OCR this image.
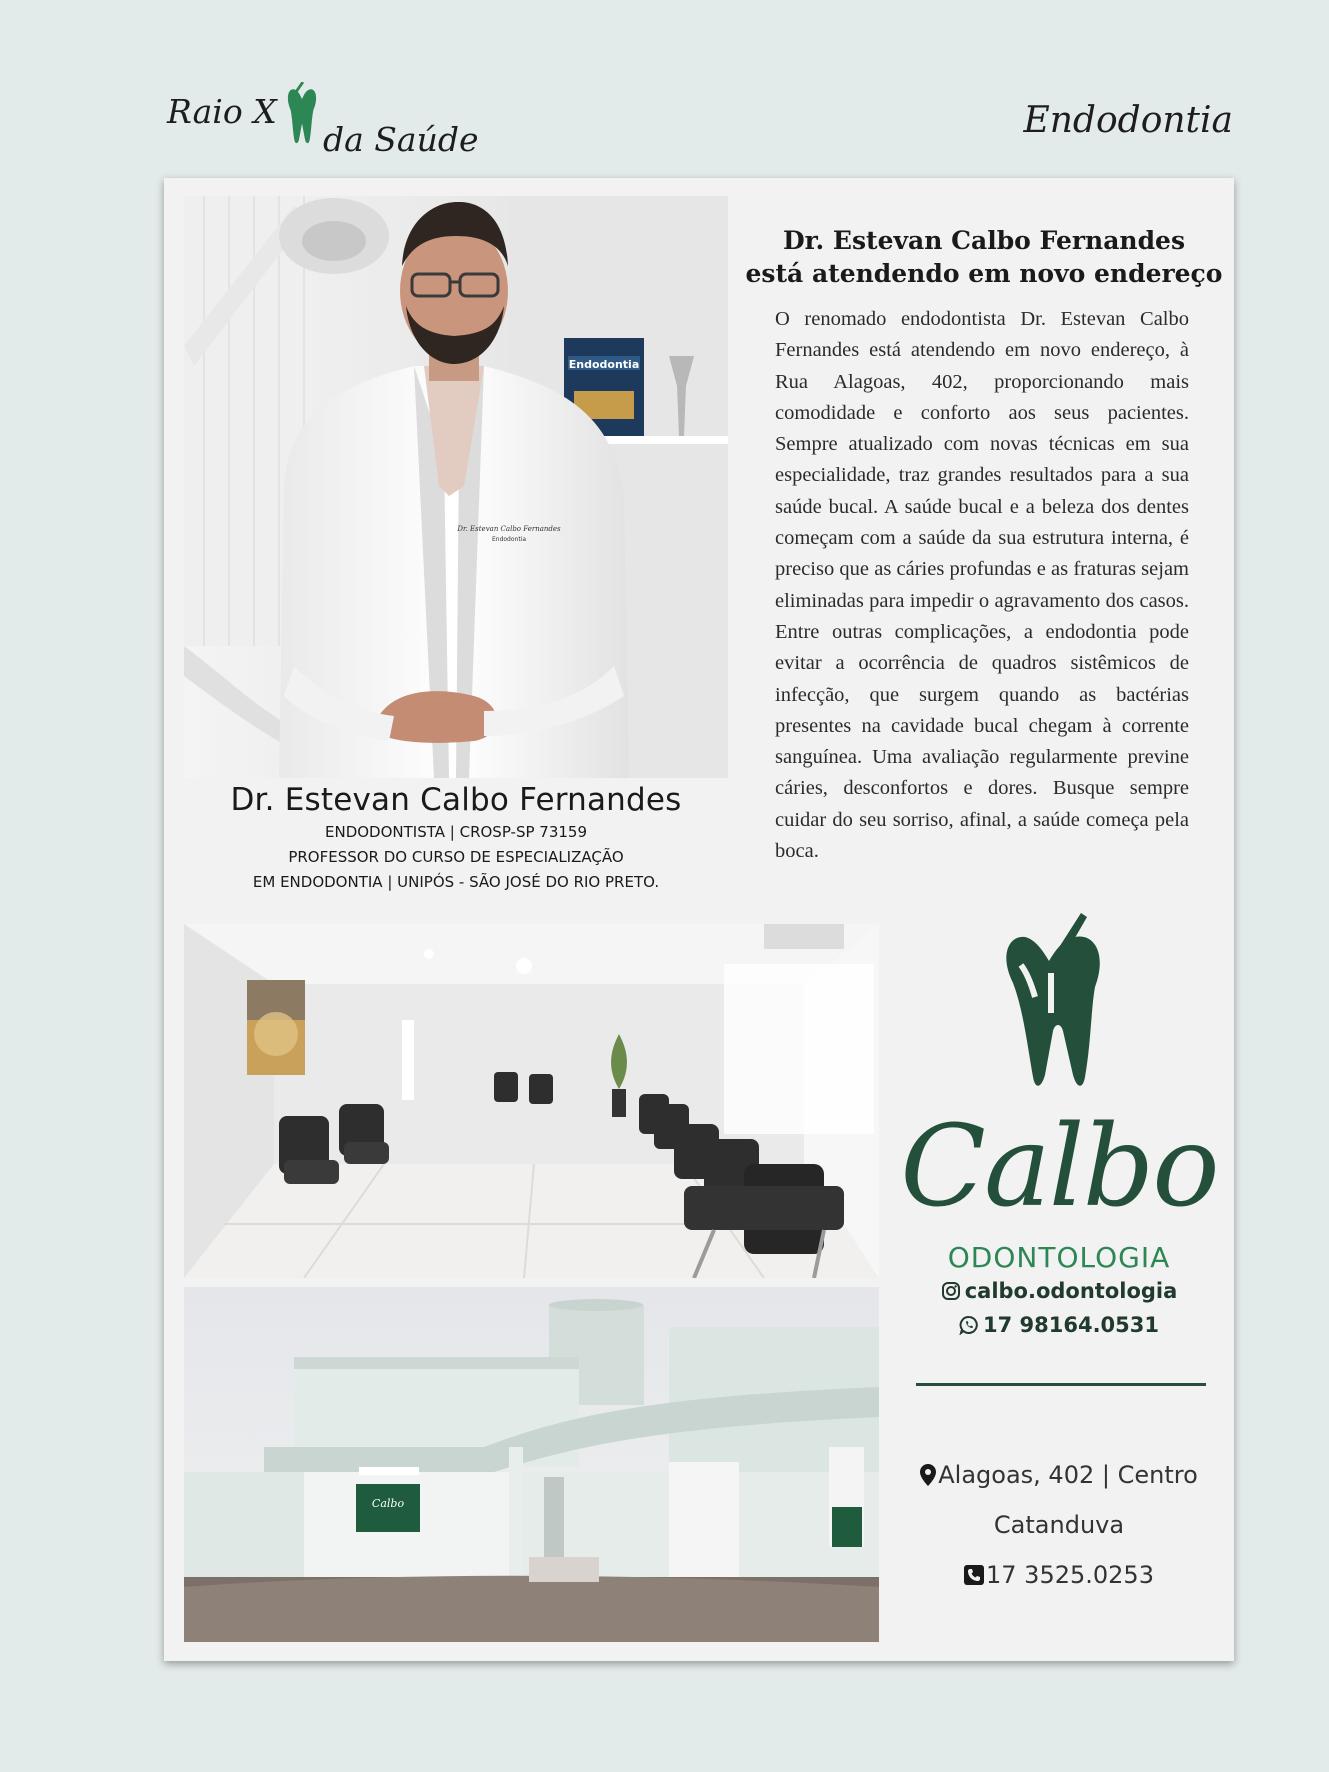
Raio X
da Saúde	Endodontia
Endodontia
Dr. Estevan Calbo Fernandes
Endodontia
Dr. Estevan Calbo Fernandes
ENDODONTISTA | CROSP-SP 73159
PROFESSOR DO CURSO DE ESPECIALIZAÇÃO
EM ENDODONTIA | UNIPÓS - SÃO JOSÉ DO RIO PRETO.
Dr. Estevan Calbo Fernandes
está atendendo em novo endereço

O renomado endodontista Dr. Estevan Calbo Fernandes está atendendo em novo endereço, à Rua Alagoas, 402, proporcionando mais comodidade e conforto aos seus pacientes. Sempre atualizado com novas técnicas em sua especialidade, traz grandes resultados para a sua saúde bucal. A saúde bucal e a beleza dos dentes começam com a saúde da sua estrutura interna, é preciso que as cáries profundas e as fraturas sejam eliminadas para impedir o agravamento dos casos. Entre outras complicações, a endodontia pode evitar a ocorrência de quadros sistêmicos de infecção, que surgem quando as bactérias presentes na cavidade bucal chegam à corrente sanguínea. Uma avaliação regularmente previne cáries, desconfortos e dores. Busque sempre cuidar do seu sorriso, afinal, a saúde começa pela boca.

Calbo
Calbo
ODONTOLOGIA
calbo.odontologia
17 98164.0531
Alagoas, 402 | Centro
Catanduva
17 3525.0253
